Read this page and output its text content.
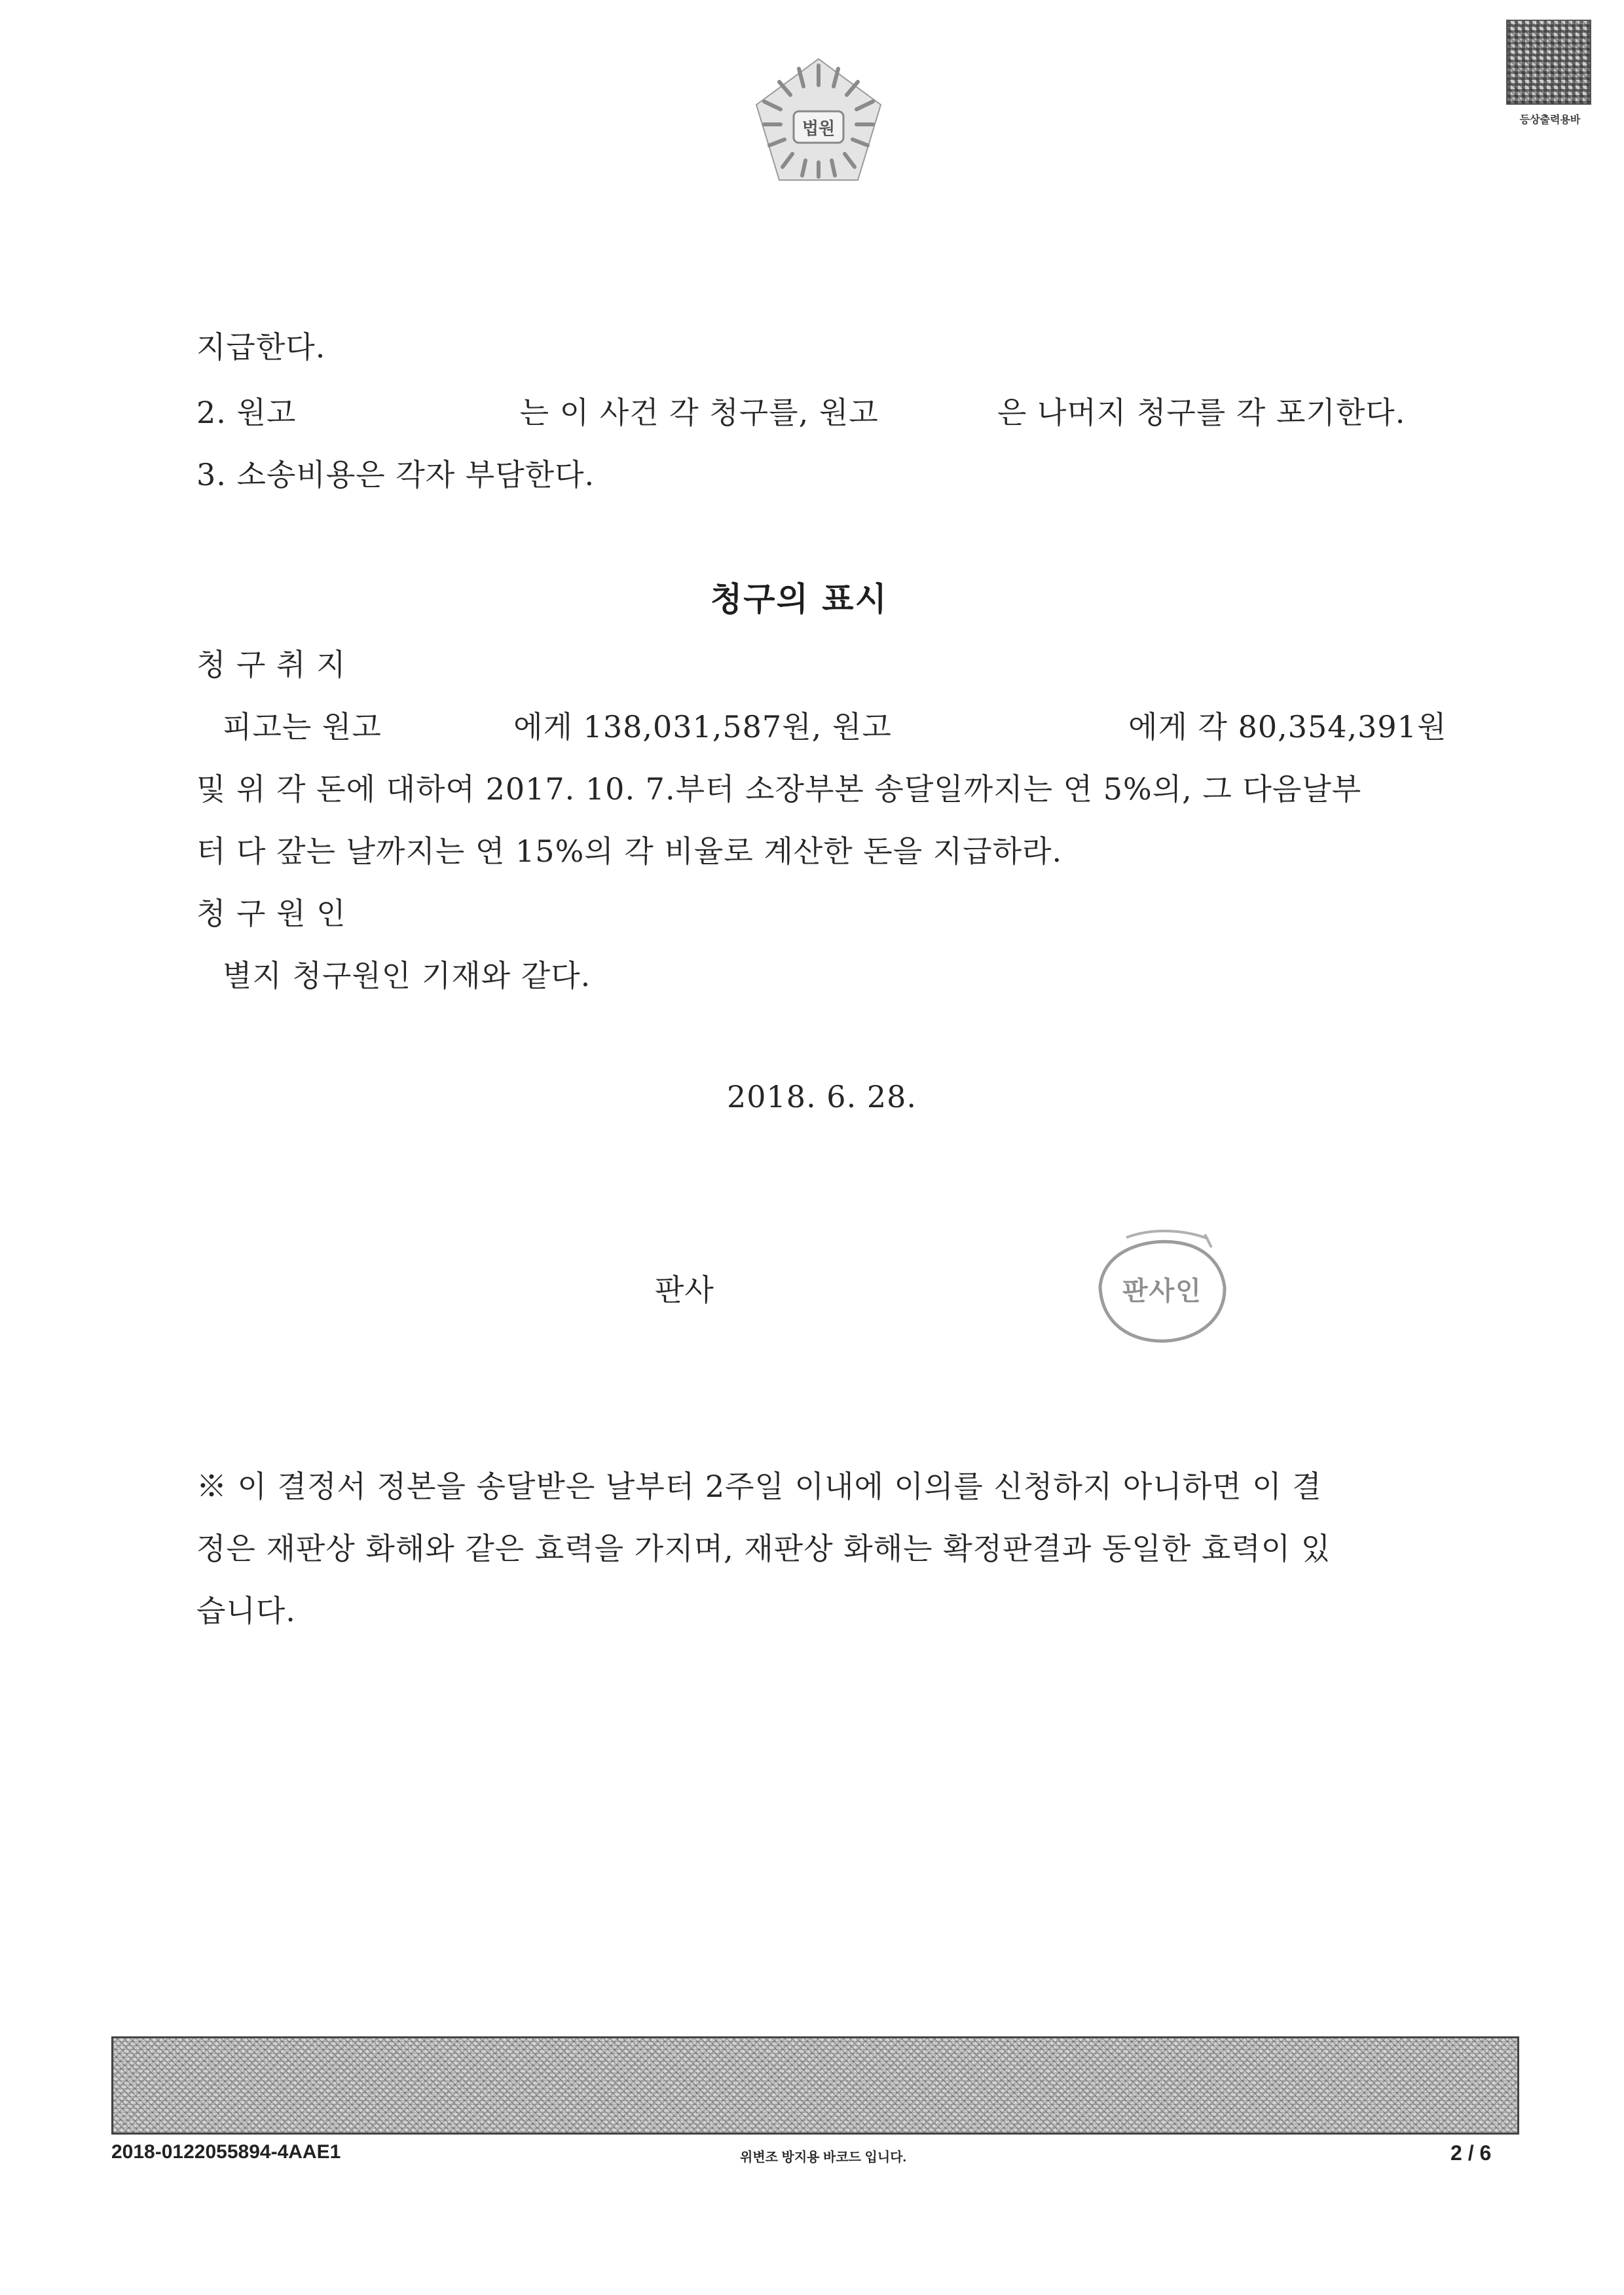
법원	등상출력용바
지급한다.
2. 원고	는 이 사건 각 청구를, 원고	은 나머지 청구를 각 포기한다.
3. 소송비용은 각자 부담한다.
청구의 표시
청 구 취 지
피고는 원고	에게 138,031,587원, 원고	에게 각 80,354,391원
및 위 각 돈에 대하여 2017. 10. 7.부터 소장부본 송달일까지는 연 5%의, 그 다음날부
터 다 갚는 날까지는 연 15%의 각 비율로 계산한 돈을 지급하라.
청 구 원 인
별지 청구원인 기재와 같다.
2018. 6. 28.
판사	판사인
※ 이 결정서 정본을 송달받은 날부터 2주일 이내에 이의를 신청하지 아니하면 이 결
정은 재판상 화해와 같은 효력을 가지며, 재판상 화해는 확정판결과 동일한 효력이 있
습니다.
2018-0122055894-4AAE1	위변조 방지용 바코드 입니다.	2 / 6
